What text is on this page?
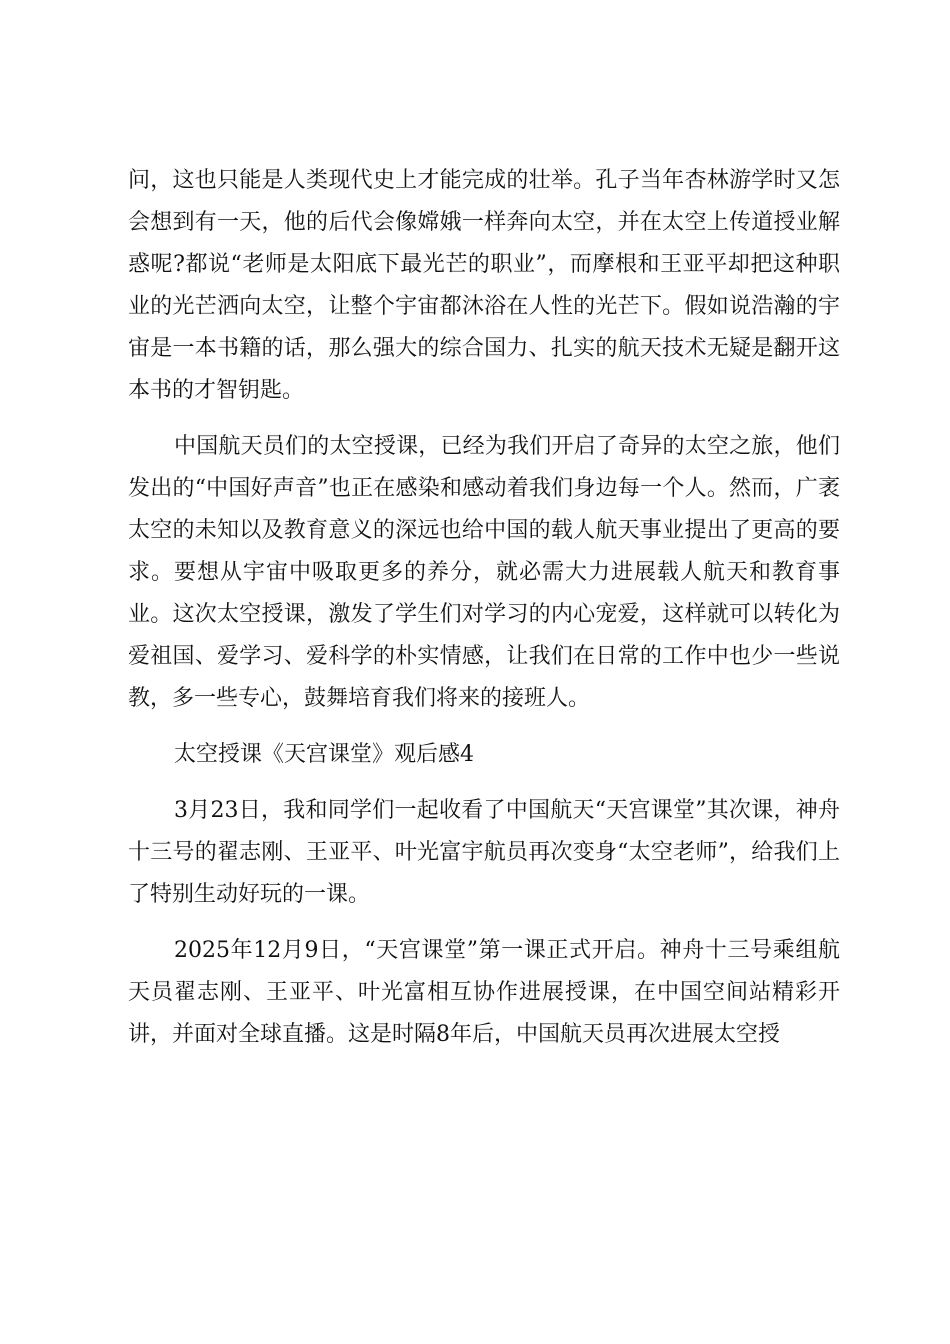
问，这也只能是人类现代史上才能完成的壮举。孔子当年杏林游学时又怎会想到有一天，他的后代会像嫦娥一样奔向太空，并在太空上传道授业解惑呢?都说“老师是太阳底下最光芒的职业”，而摩根和王亚平却把这种职业的光芒洒向太空，让整个宇宙都沐浴在人性的光芒下。假如说浩瀚的宇宙是一本书籍的话，那么强大的综合国力、扎实的航天技术无疑是翻开这本书的才智钥匙。

中国航天员们的太空授课，已经为我们开启了奇异的太空之旅，他们发出的“中国好声音”也正在感染和感动着我们身边每一个人。然而，广袤太空的未知以及教育意义的深远也给中国的载人航天事业提出了更高的要求。要想从宇宙中吸取更多的养分，就必需大力进展载人航天和教育事业。这次太空授课，激发了学生们对学习的内心宠爱，这样就可以转化为爱祖国、爱学习、爱科学的朴实情感，让我们在日常的工作中也少一些说教，多一些专心，鼓舞培育我们将来的接班人。

太空授课《天宫课堂》观后感4

3月23日，我和同学们一起收看了中国航天“天宫课堂”其次课，神舟十三号的翟志刚、王亚平、叶光富宇航员再次变身“太空老师”，给我们上了特别生动好玩的一课。

2025年12月9日，“天宫课堂”第一课正式开启。神舟十三号乘组航天员翟志刚、王亚平、叶光富相互协作进展授课，在中国空间站精彩开讲，并面对全球直播。这是时隔8年后，中国航天员再次进展太空授
